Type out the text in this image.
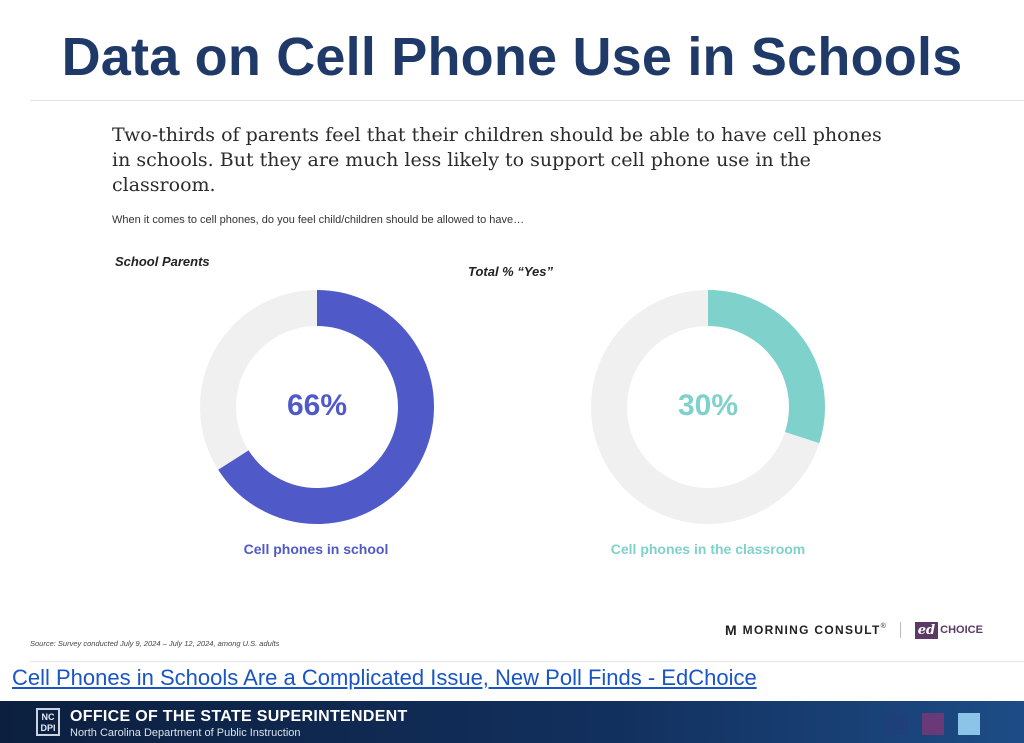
Data on Cell Phone Use in Schools
Two-thirds of parents feel that their children should be able to have cell phones in schools. But they are much less likely to support cell phone use in the classroom.
When it comes to cell phones, do you feel child/children should be allowed to have…
School Parents
Total % “Yes”
66%
Cell phones in school
30%
Cell phones in the classroom
Source: Survey conducted July 9, 2024 – July 12, 2024, among U.S. adults
M MORNING CONSULT ® ed CHOICE
Cell Phones in Schools Are a Complicated Issue, New Poll Finds - EdChoice
NC DPI
OFFICE OF THE STATE SUPERINTENDENT
North Carolina Department of Public Instruction
